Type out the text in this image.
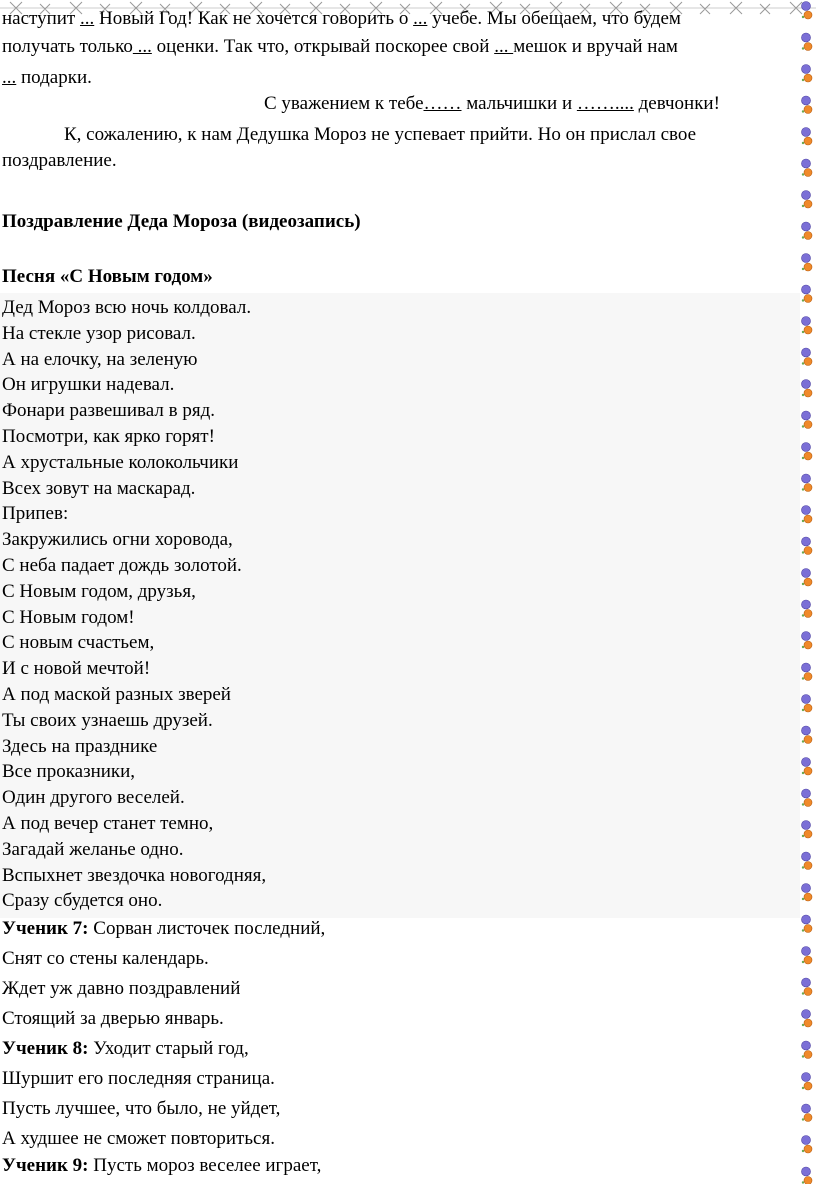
наступит ... Новый Год! Как не хочется говорить о ... учебе. Мы обещаем, что будем
получать только ... оценки. Так что, открывай поскорее свой ... мешок и вручай нам
... подарки.
С уважением к тебе…… мальчишки и …….... девчонки!
К, сожалению, к нам Дедушка Мороз не успевает прийти. Но он прислал свое
поздравление.
Поздравление Деда Мороза (видеозапись)
Песня «С Новым годом»
Дед Мороз всю ночь колдовал.
На стекле узор рисовал.
А на елочку, на зеленую
Он игрушки надевал.
Фонари развешивал в ряд.
Посмотри, как ярко горят!
А хрустальные колокольчики
Всех зовут на маскарад.
Припев:
Закружились огни хоровода,
С неба падает дождь золотой.
С Новым годом, друзья,
С Новым годом!
С новым счастьем,
И с новой мечтой!
А под маской разных зверей
Ты своих узнаешь друзей.
Здесь на празднике
Все проказники,
Один другого веселей.
А под вечер станет темно,
Загадай желанье одно.
Вспыхнет звездочка новогодняя,
Сразу сбудется оно.
Ученик 7: Сорван листочек последний,
Снят со стены календарь.
Ждет уж давно поздравлений
Стоящий за дверью январь.
Ученик 8: Уходит старый год,
Шуршит его последняя страница.
Пусть лучшее, что было, не уйдет,
А худшее не сможет повториться.
Ученик 9: Пусть мороз веселее играет,
